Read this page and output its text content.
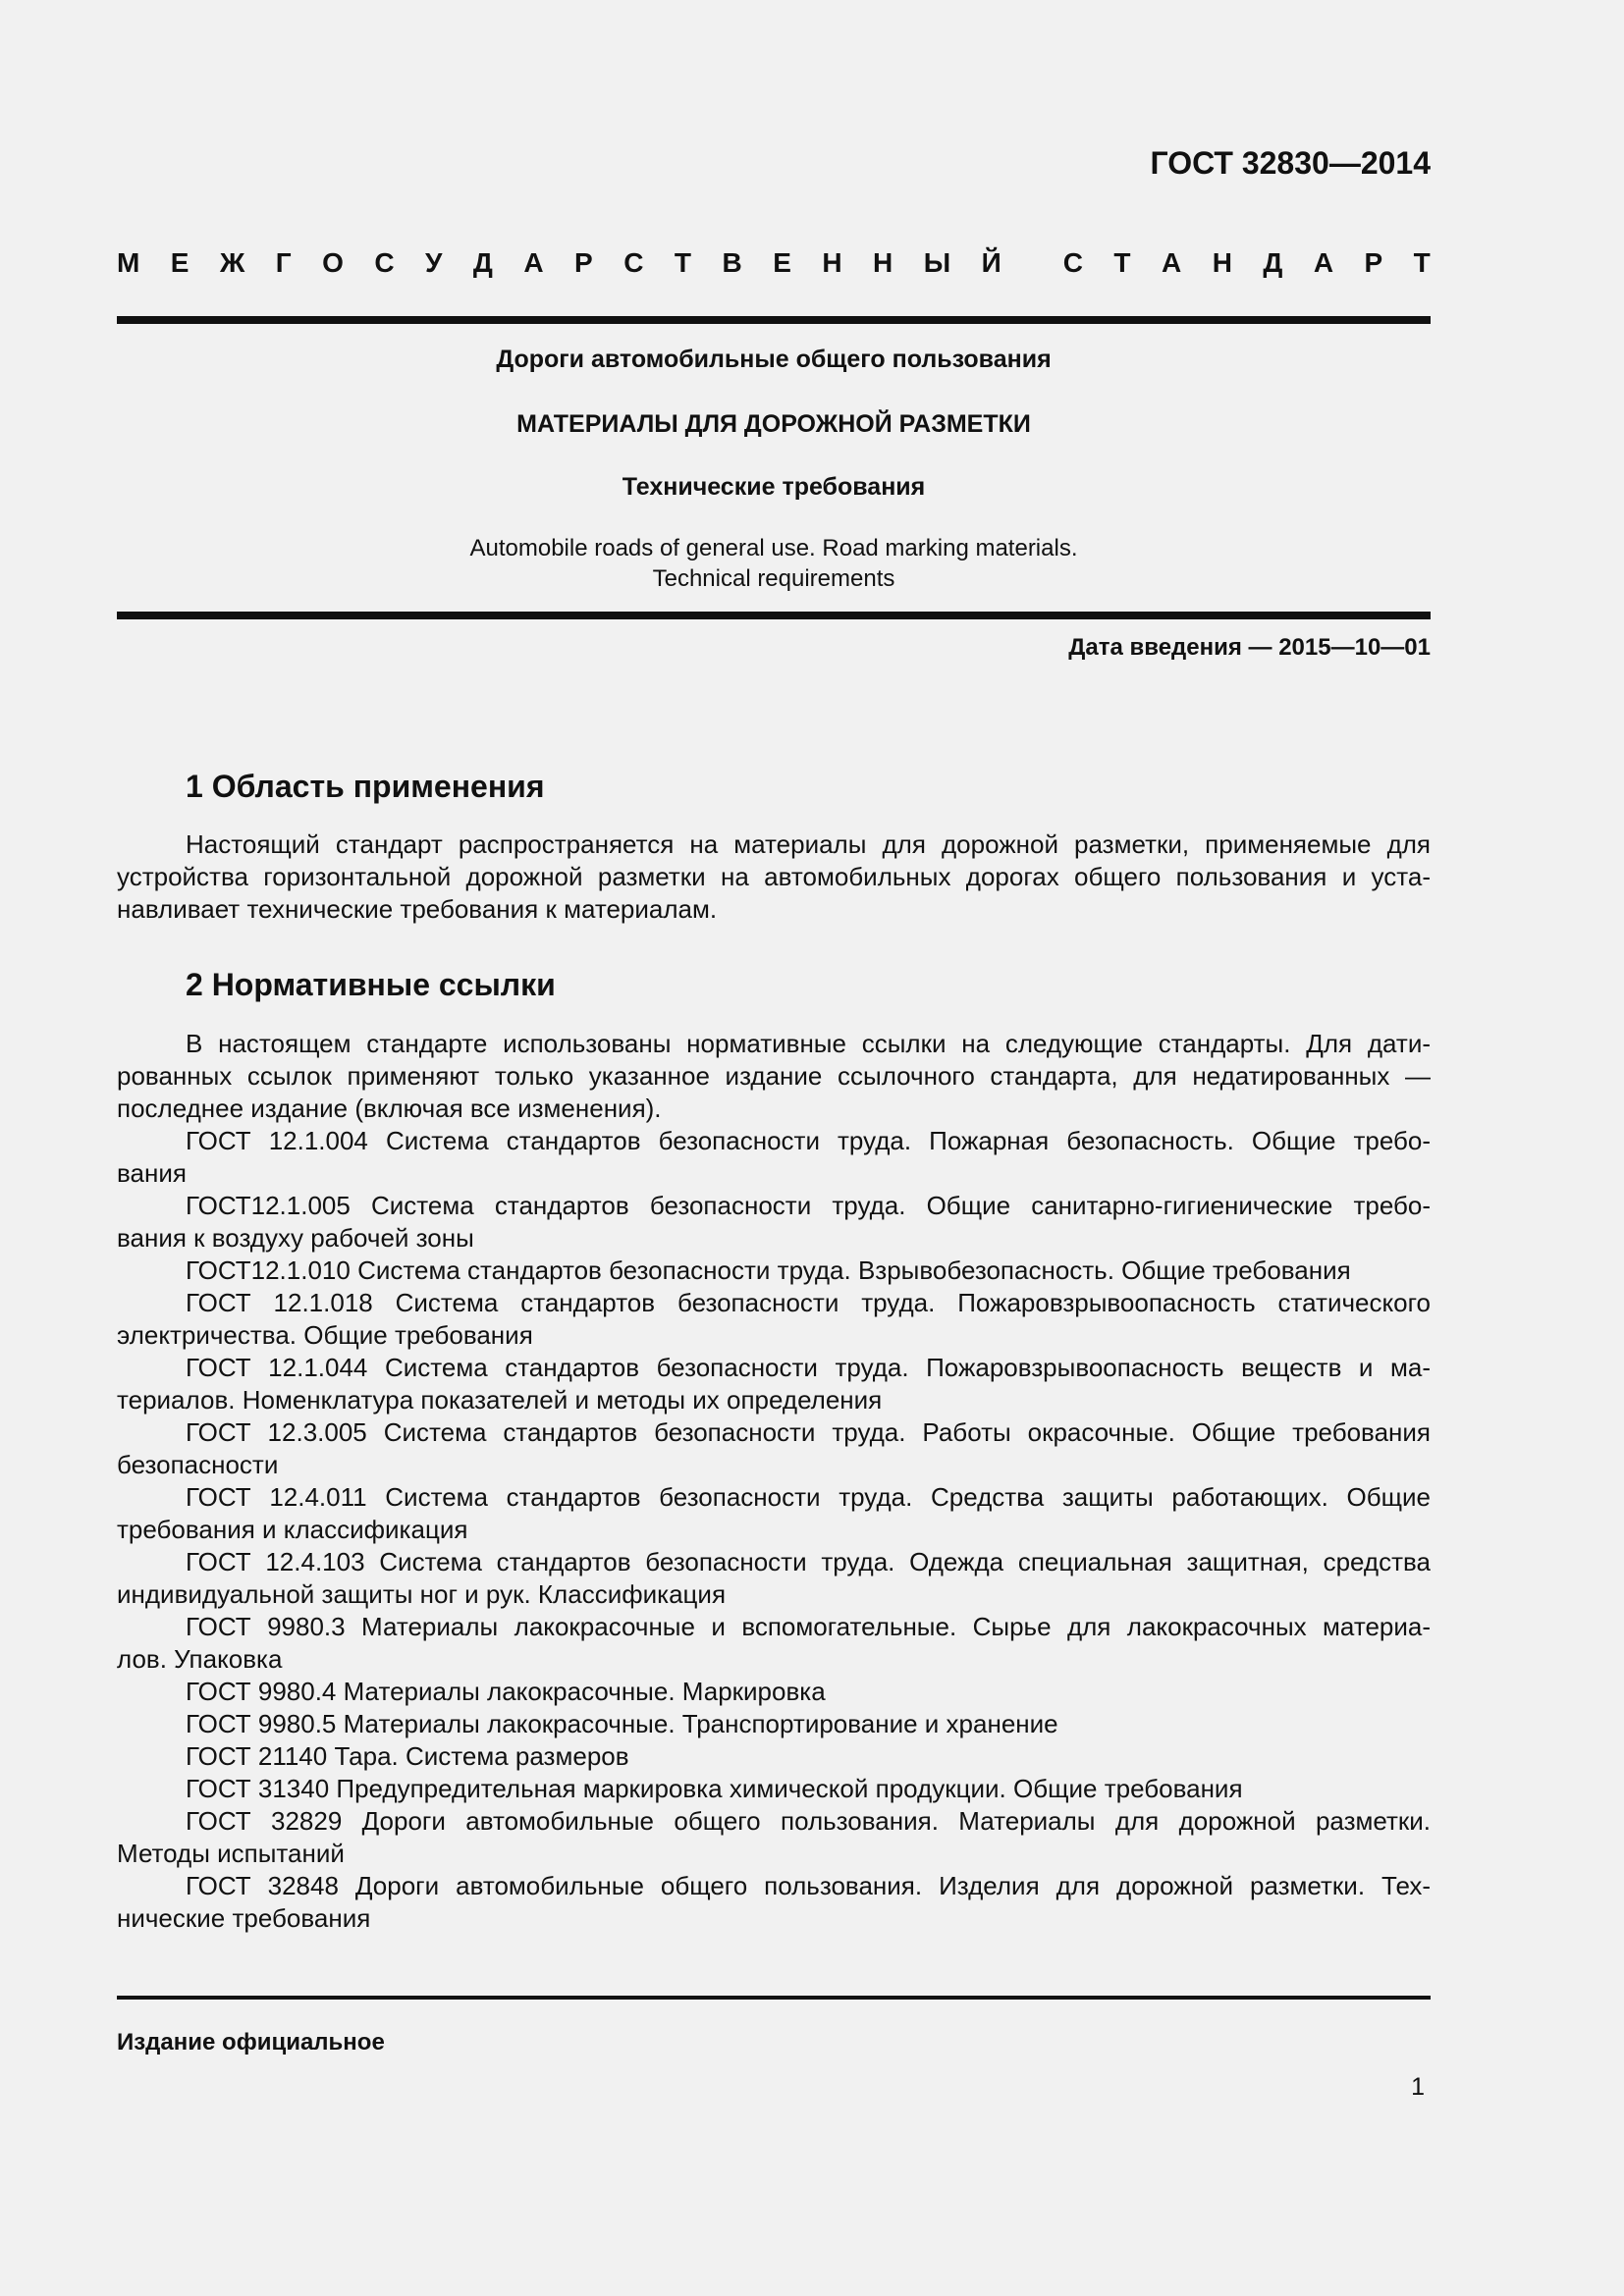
ГОСТ 32830—2014
М Е Ж Г О С У Д А Р С Т В Е Н Н Ы Й С Т А Н Д А Р Т
Дороги автомобильные общего пользования
МАТЕРИАЛЫ ДЛЯ ДОРОЖНОЙ РАЗМЕТКИ
Технические требования
Automobile roads of general use. Road marking materials.
Technical requirements
Дата введения — 2015—10—01
1 Область применения
Настоящий стандарт распространяется на материалы для дорожной разметки, применяемые для
устройства горизонтальной дорожной разметки на автомобильных дорогах общего пользования и уста-
навливает технические требования к материалам.
2 Нормативные ссылки
В настоящем стандарте использованы нормативные ссылки на следующие стандарты. Для дати-
рованных ссылок применяют только указанное издание ссылочного стандарта, для недатированных —
последнее издание (включая все изменения).
ГОСТ 12.1.004 Система стандартов безопасности труда. Пожарная безопасность. Общие требо-
вания
ГОСТ12.1.005 Система стандартов безопасности труда. Общие санитарно-гигиенические требо-
вания к воздуху рабочей зоны
ГОСТ12.1.010 Система стандартов безопасности труда. Взрывобезопасность. Общие требования
ГОСТ 12.1.018 Система стандартов безопасности труда. Пожаровзрывоопасность статического
электричества. Общие требования
ГОСТ 12.1.044 Система стандартов безопасности труда. Пожаровзрывоопасность веществ и ма-
териалов. Номенклатура показателей и методы их определения
ГОСТ 12.3.005 Система стандартов безопасности труда. Работы окрасочные. Общие требования
безопасности
ГОСТ 12.4.011 Система стандартов безопасности труда. Средства защиты работающих. Общие
требования и классификация
ГОСТ 12.4.103 Система стандартов безопасности труда. Одежда специальная защитная, средства
индивидуальной защиты ног и рук. Классификация
ГОСТ 9980.3 Материалы лакокрасочные и вспомогательные. Сырье для лакокрасочных материа-
лов. Упаковка
ГОСТ 9980.4 Материалы лакокрасочные. Маркировка
ГОСТ 9980.5 Материалы лакокрасочные. Транспортирование и хранение
ГОСТ 21140 Тара. Система размеров
ГОСТ 31340 Предупредительная маркировка химической продукции. Общие требования
ГОСТ 32829 Дороги автомобильные общего пользования. Материалы для дорожной разметки.
Методы испытаний
ГОСТ 32848 Дороги автомобильные общего пользования. Изделия для дорожной разметки. Тех-
нические требования
Издание официальное
1
